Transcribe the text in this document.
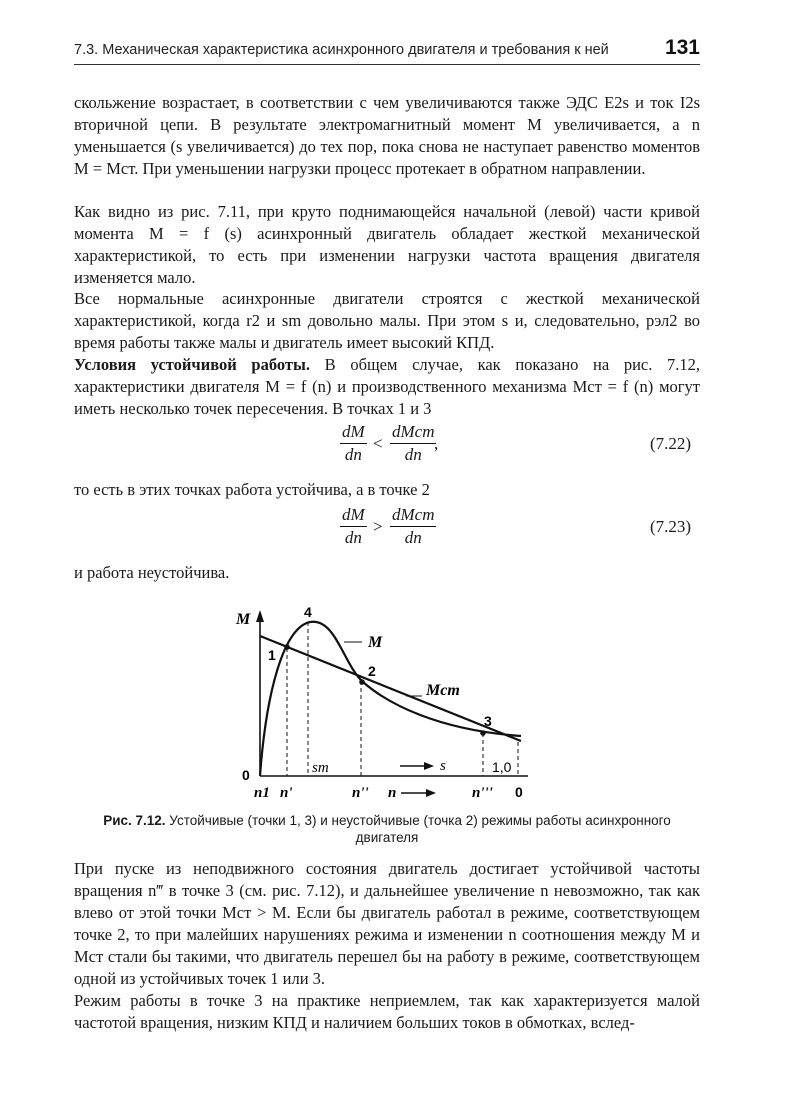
7.3. Механическая характеристика асинхронного двигателя и требования к ней	131

скольжение возрастает, в соответствии с чем увеличиваются также ЭДС E2s и ток I2s вторичной цепи. В результате электромагнитный момент M увеличивается, а n уменьшается (s увеличивается) до тех пор, пока снова не наступает равенство моментов M = Mст. При уменьшении нагрузки процесс протекает в обратном направлении.

Как видно из рис. 7.11, при круто поднимающейся начальной (левой) части кривой момента M = f (s) асинхронный двигатель обладает жесткой механической характеристикой, то есть при изменении нагрузки частота вращения двигателя изменяется мало.

Все нормальные асинхронные двигатели строятся с жесткой механической характеристикой, когда r2 и sm довольно малы. При этом s и, следовательно, pэл2 во время работы также малы и двигатель имеет высокий КПД.

Условия устойчивой работы. В общем случае, как показано на рис. 7.12, характеристики двигателя M = f (n) и производственного механизма Mст = f (n) могут иметь несколько точек пересечения. В точках 1 и 3

$\frac{dM}{dn}$ <
dMст
dn
,	(7.22)
то есть в этих точках работа устойчива, а в точке 2
$\frac{dM}{dn}$ >
dMст
dn
(7.23)
и работа неустойчива.
M
1
2
3
4
M
Mст
0	sm	s	1,0
n1 n'	n'' n	n''' 0
Рис. 7.12. Устойчивые (точки 1, 3) и неустойчивые (точка 2) режимы работы асинхронного двигателя

При пуске из неподвижного состояния двигатель достигает устойчивой частоты вращения n‴ в точке 3 (см. рис. 7.12), и дальнейшее увеличение n невозможно, так как влево от этой точки Mст > M. Если бы двигатель работал в режиме, соответствующем точке 2, то при малейших нарушениях режима и изменении n соотношения между M и Mст стали бы такими, что двигатель перешел бы на работу в режиме, соответствующем одной из устойчивых точек 1 или 3.

Режим работы в точке 3 на практике неприемлем, так как характеризуется малой частотой вращения, низким КПД и наличием больших токов в обмотках, вслед-
